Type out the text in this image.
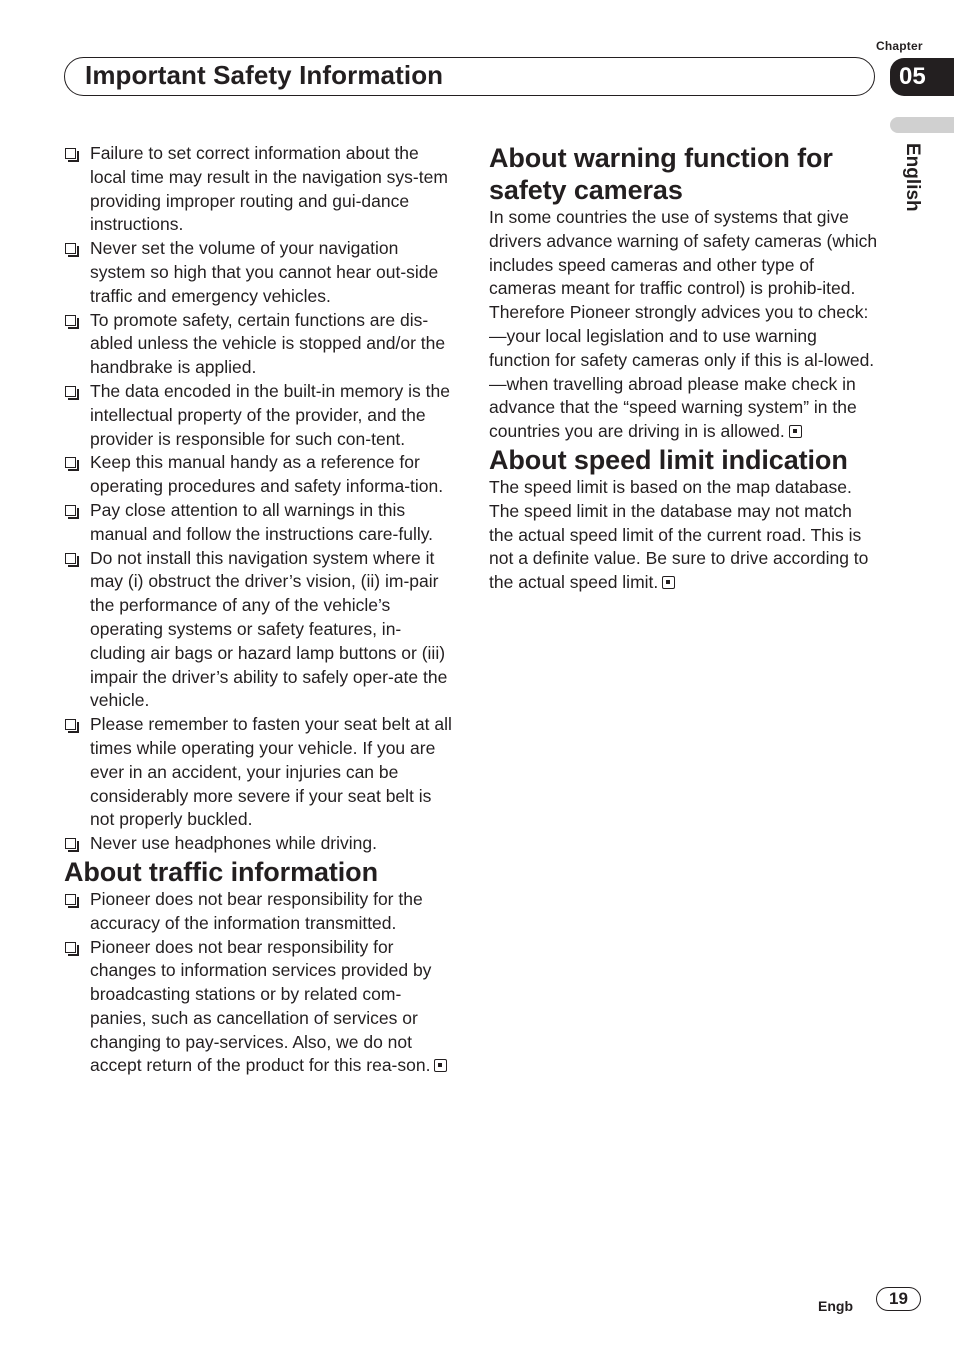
Chapter
05
Important Safety Information
English
Failure to set correct information about the local time may result in the navigation sys-tem providing improper routing and gui-dance instructions.
Never set the volume of your navigation system so high that you cannot hear out-side traffic and emergency vehicles.
To promote safety, certain functions are dis-abled unless the vehicle is stopped and/or the handbrake is applied.
The data encoded in the built-in memory is the intellectual property of the provider, and the provider is responsible for such con-tent.
Keep this manual handy as a reference for operating procedures and safety informa-tion.
Pay close attention to all warnings in this manual and follow the instructions care-fully.
Do not install this navigation system where it may (i) obstruct the driver’s vision, (ii) im-pair the performance of any of the vehicle’s operating systems or safety features, in-cluding air bags or hazard lamp buttons or (iii) impair the driver’s ability to safely oper-ate the vehicle.
Please remember to fasten your seat belt at all times while operating your vehicle. If you are ever in an accident, your injuries can be considerably more severe if your seat belt is not properly buckled.
Never use headphones while driving.
About traffic information
Pioneer does not bear responsibility for the accuracy of the information transmitted.
Pioneer does not bear responsibility for changes to information services provided by broadcasting stations or by related com-panies, such as cancellation of services or changing to pay-services. Also, we do not accept return of the product for this rea-son.
About warning function for safety cameras

In some countries the use of systems that give drivers advance warning of safety cameras (which includes speed cameras and other type of cameras meant for traffic control) is prohib-ited. Therefore Pioneer strongly advices you to check:

—your local legislation and to use warning function for safety cameras only if this is al-lowed.

—when travelling abroad please make check in advance that the “speed warning system” in the countries you are driving in is allowed.

About speed limit indication

The speed limit is based on the map database. The speed limit in the database may not match the actual speed limit of the current road. This is not a definite value. Be sure to drive according to the actual speed limit.

Engb	19
